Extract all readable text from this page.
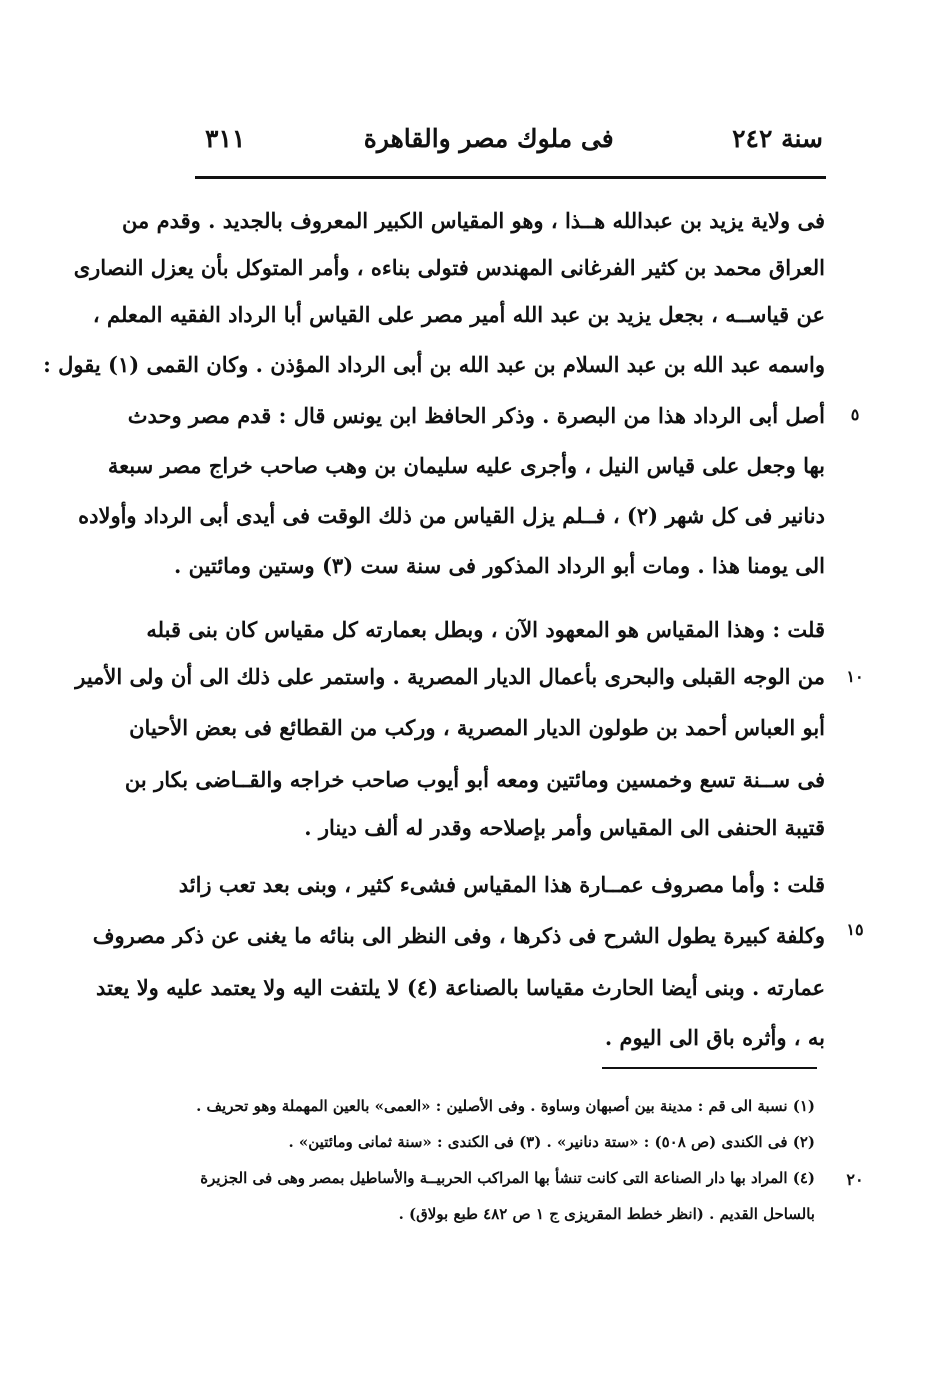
سنة ٢٤٢
فى ملوك مصر والقاهرة
٣١١
فى ولاية يزيد بن عبدالله هــذا ، وهو المقياس الكبير المعروف بالجديد . وقدم من
العراق محمد بن كثير الفرغانى المهندس فتولى بناءه ، وأمر المتوكل بأن يعزل النصارى
عن قياســه ، بجعل يزيد بن عبد الله أمير مصر على القياس أبا الرداد الفقيه المعلم ،
واسمه عبد الله بن عبد السلام بن عبد الله بن أبى الرداد المؤذن . وكان القمى (١) يقول :
أصل أبى الرداد هذا من البصرة . وذكر الحافظ ابن يونس قال : قدم مصر وحدث
بها وجعل على قياس النيل ، وأجرى عليه سليمان بن وهب صاحب خراج مصر سبعة
دنانير فى كل شهر (٢) ، فــلم يزل القياس من ذلك الوقت فى أيدى أبى الرداد وأولاده
الى يومنا هذا . ومات أبو الرداد المذكور فى سنة ست (٣) وستين ومائتين .
قلت : وهذا المقياس هو المعهود الآن ، وبطل بعمارته كل مقياس كان بنى قبله
من الوجه القبلى والبحرى بأعمال الديار المصرية . واستمر على ذلك الى أن ولى الأمير
أبو العباس أحمد بن طولون الديار المصرية ، وركب من القطائع فى بعض الأحيان
فى ســنة تسع وخمسين ومائتين ومعه أبو أيوب صاحب خراجه والقــاضى بكار بن
قتيبة الحنفى الى المقياس وأمر بإصلاحه وقدر له ألف دينار .
قلت : وأما مصروف عمــارة هذا المقياس فشىء كثير ، وبنى بعد تعب زائد
وكلفة كبيرة يطول الشرح فى ذكرها ، وفى النظر الى بنائه ما يغنى عن ذكر مصروف
عمارته . وبنى أيضا الحارث مقياسا بالصناعة (٤) لا يلتفت اليه ولا يعتمد عليه ولا يعتد
به ، وأثره باق الى اليوم .
٥
١٠
١٥
٢٠
(١) نسبة الى قم : مدينة بين أصبهان وساوة . وفى الأصلين : «العمى» بالعين المهملة وهو تحريف .
(٢) فى الكندى (ص ٥٠٨) : «ستة دنانير» . (٣) فى الكندى : «سنة ثمانى ومائتين» .
(٤) المراد بها دار الصناعة التى كانت تنشأ بها المراكب الحربيــة والأساطيل بمصر وهى فى الجزيرة
بالساحل القديم . (انظر خطط المقريزى ج ١ ص ٤٨٢ طبع بولاق) .
